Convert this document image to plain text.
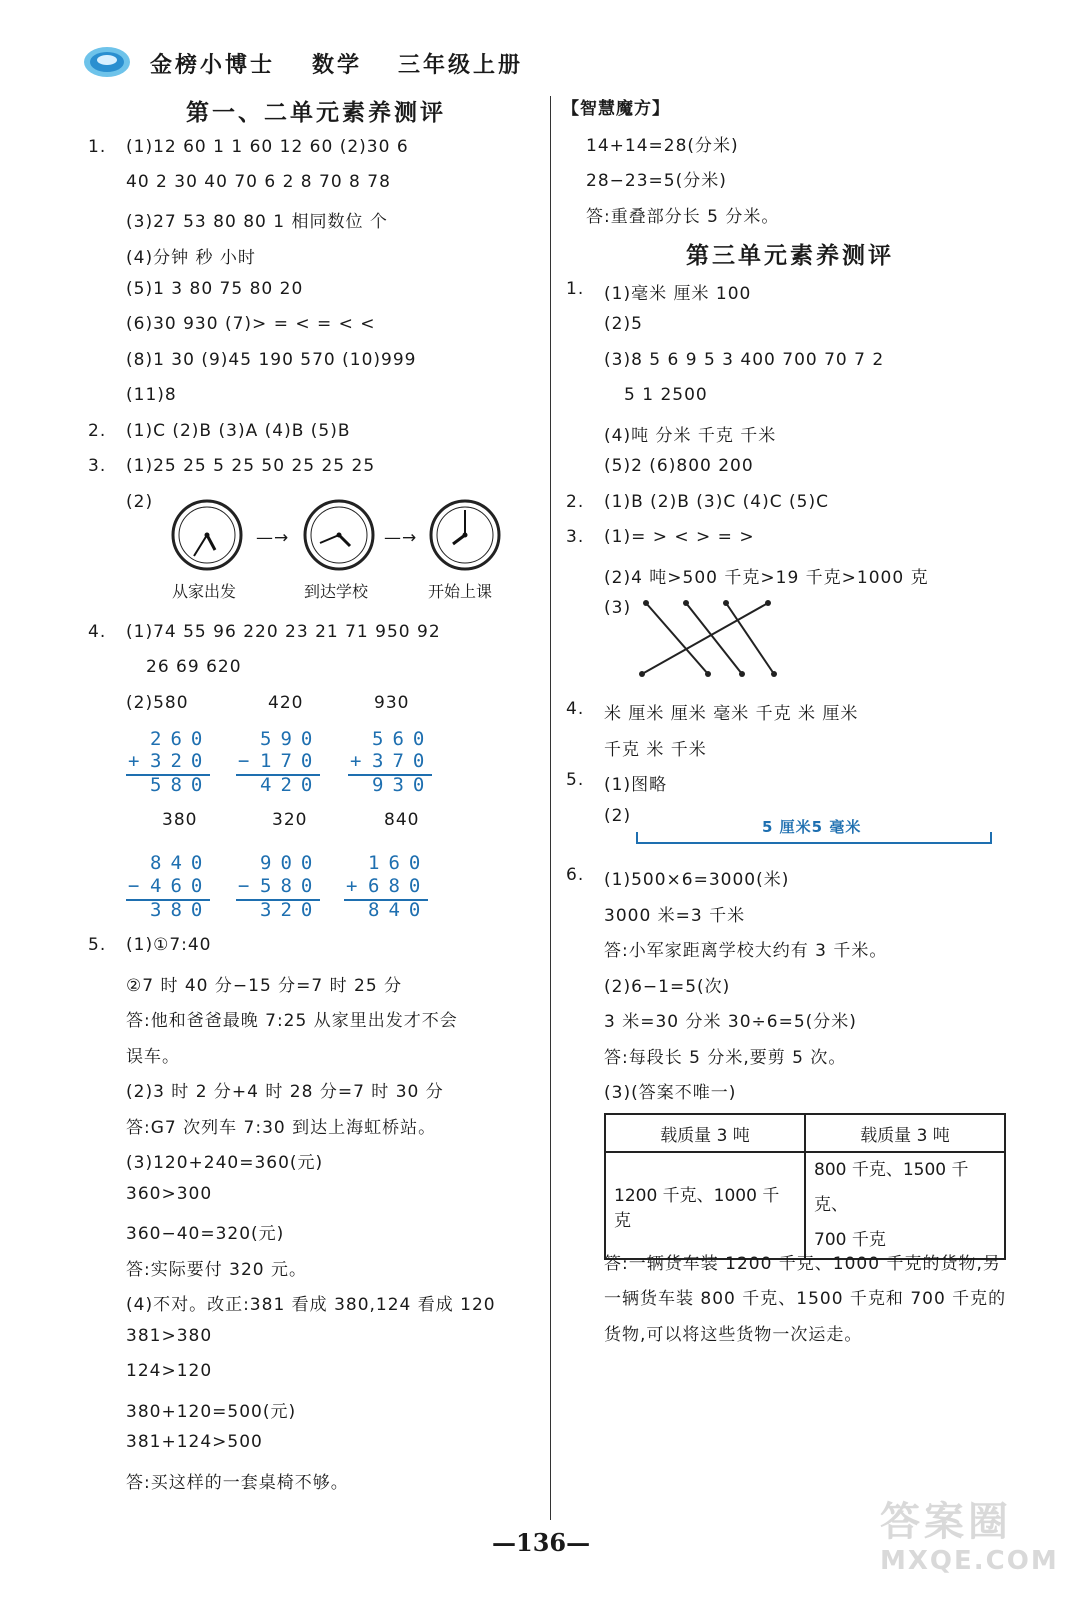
金榜小博士 数学 三年级上册
第一、二单元素养测评
1. (1)12 60 1 1 60 12 60 (2)30 6
40 2 30 40 70 6 2 8 70 8 78
(3)27 53 80 80 1 相同数位 个
(4)分钟 秒 小时
(5)1 3 80 75 80 20
(6)30 930 (7)> = < = < <
(8)1 30 (9)45 190 570 (10)999
(11)8
2. (1)C (2)B (3)A (4)B (5)B
3. (1)25 25 5 25 50 25 25 25
(2)
—→	—→
从家出发	到达学校	开始上课
4. (1)74 55 96 220 23 21 71 950 92
26 69 620
(2)580	420	930
260
+ 320
580
590
− 170
420
560
+ 370
930
380	320	840
840
− 460
380
900
− 580
320
160
+ 680
840
5. (1)①7:40
②7 时 40 分−15 分=7 时 25 分
答:他和爸爸最晚 7:25 从家里出发才不会
误车。
(2)3 时 2 分+4 时 28 分=7 时 30 分
答:G7 次列车 7:30 到达上海虹桥站。
(3)120+240=360(元)
360>300
360−40=320(元)
答:实际要付 320 元。
(4)不对。改正:381 看成 380,124 看成 120
381>380
124>120
380+120=500(元)
381+124>500
答:买这样的一套桌椅不够。
【智慧魔方】
14+14=28(分米)
28−23=5(分米)
答:重叠部分长 5 分米。
第三单元素养测评
1. (1)毫米 厘米 100
(2)5
(3)8 5 6 9 5 3 400 700 70 7 2
5 1 2500
(4)吨 分米 千克 千米
(5)2 (6)800 200
2. (1)B (2)B (3)C (4)C (5)C
3. (1)= > < > = >
(2)4 吨>500 千克>19 千克>1000 克
(3)
4. 米 厘米 厘米 毫米 千克 米 厘米
千克 米 千米
5. (1)图略
(2)
5 厘米5 毫米
6. (1)500×6=3000(米)
3000 米=3 千米
答:小军家距离学校大约有 3 千米。
(2)6−1=5(次)
3 米=30 分米 30÷6=5(分米)
答:每段长 5 分米,要剪 5 次。
(3)(答案不唯一)
载质量 3 吨	载质量 3 吨
1200 千克、1000 千克	800 千克、1500 千克、
700 千克
答:一辆货车装 1200 千克、1000 千克的货物,另
一辆货车装 800 千克、1500 千克和 700 千克的
货物,可以将这些货物一次运走。
—136—	答案圈
MXQE.COM
